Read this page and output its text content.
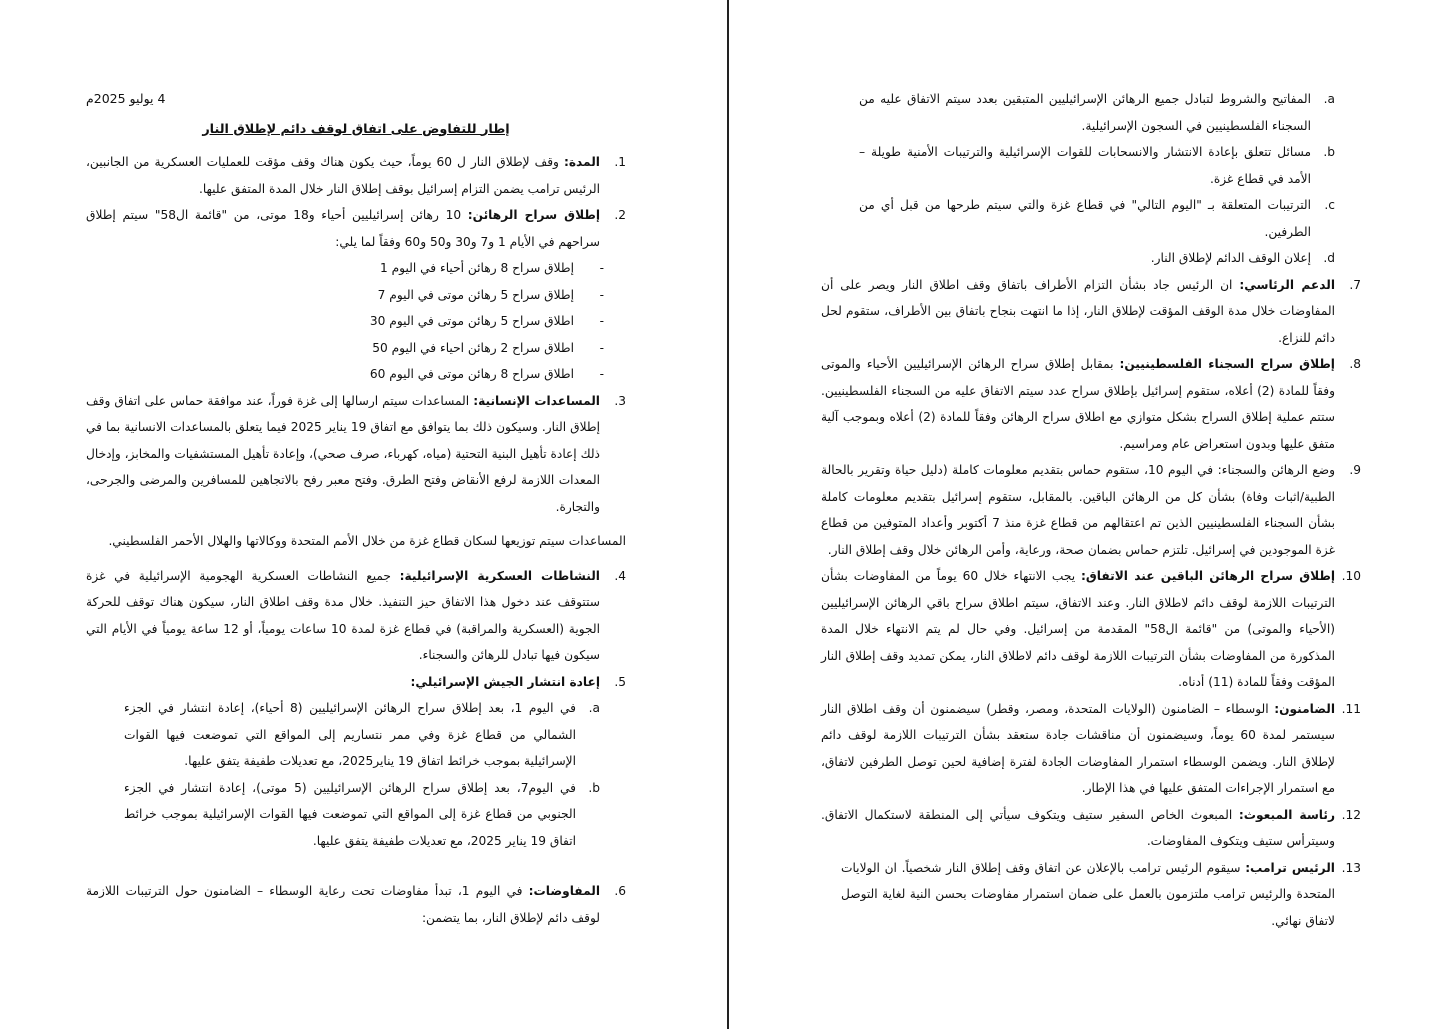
4 يوليو 2025م
إطار للتفاوض على اتفاق لوقف دائم لإطلاق النار
1.
المدة: وقف لإطلاق النار ل 60 يوماً، حيث يكون هناك وقف مؤقت للعمليات العسكرية من الجانبين، الرئيس ترامب يضمن التزام إسرائيل بوقف إطلاق النار خلال المدة المتفق عليها.
2.
إطلاق سراح الرهائن: 10 رهائن إسرائيليين أحياء و18 موتى، من "قائمة ال58" سيتم إطلاق سراحهم في الأيام 1 و7 و30 و50 و60 وفقاً لما يلي:
-
إطلاق سراح 8 رهائن أحياء في اليوم 1
-
إطلاق سراح 5 رهائن موتى في اليوم 7
-
اطلاق سراح 5 رهائن موتى في اليوم 30
-
اطلاق سراح 2 رهائن احياء في اليوم 50
-
اطلاق سراح 8 رهائن موتى في اليوم 60
3.
المساعدات الإنسانية: المساعدات سيتم ارسالها إلى غزة فوراً، عند موافقة حماس على اتفاق وقف إطلاق النار. وسيكون ذلك بما يتوافق مع اتفاق 19 يناير 2025 فيما يتعلق بالمساعدات الانسانية بما في ذلك إعادة تأهيل البنية التحتية (مياه، كهرباء، صرف صحي)، وإعادة تأهيل المستشفيات والمخابز، وإدخال المعدات اللازمة لرفع الأنقاض وفتح الطرق. وفتح معبر رفح بالاتجاهين للمسافرين والمرضى والجرحى، والتجارة.
المساعدات سيتم توزيعها لسكان قطاع غزة من خلال الأمم المتحدة ووكالاتها والهلال الأحمر الفلسطيني.
4.
النشاطات العسكرية الإسرائيلية: جميع النشاطات العسكرية الهجومية الإسرائيلية في غزة ستتوقف عند دخول هذا الاتفاق حيز التنفيذ. خلال مدة وقف اطلاق النار، سيكون هناك توقف للحركة الجوية (العسكرية والمراقبة) في قطاع غزة لمدة 10 ساعات يومياً، أو 12 ساعة يومياً في الأيام التي سيكون فيها تبادل للرهائن والسجناء.
5.
إعادة انتشار الجيش الإسرائيلي:
a.
في اليوم 1، بعد إطلاق سراح الرهائن الإسرائيليين (8 أحياء)، إعادة انتشار في الجزء الشمالي من قطاع غزة وفي ممر نتساريم إلى المواقع التي تموضعت فيها القوات الإسرائيلية بموجب خرائط اتفاق 19 يناير2025، مع تعديلات طفيفة يتفق عليها.
b.
في اليوم7، بعد إطلاق سراح الرهائن الإسرائيليين (5 موتى)، إعادة انتشار في الجزء الجنوبي من قطاع غزة إلى المواقع التي تموضعت فيها القوات الإسرائيلية بموجب خرائط اتفاق 19 يناير 2025، مع تعديلات طفيفة يتفق عليها.
6.
المفاوضات: في اليوم 1، تبدأ مفاوضات تحت رعاية الوسطاء – الضامنون حول الترتيبات اللازمة لوقف دائم لإطلاق النار، بما يتضمن:
a.
المفاتيح والشروط لتبادل جميع الرهائن الإسرائيليين المتبقين بعدد سيتم الاتفاق عليه من السجناء الفلسطينيين في السجون الإسرائيلية.
b.
مسائل تتعلق بإعادة الانتشار والانسحابات للقوات الإسرائيلية والترتيبات الأمنية طويلة – الأمد في قطاع غزة.
c.
الترتيبات المتعلقة بـ "اليوم التالي" في قطاع غزة والتي سيتم طرحها من قبل أي من الطرفين.
d.
إعلان الوقف الدائم لإطلاق النار.
7.
الدعم الرئاسي: ان الرئيس جاد بشأن التزام الأطراف باتفاق وقف اطلاق النار ويصر على أن المفاوضات خلال مدة الوقف المؤقت لإطلاق النار، إذا ما انتهت بنجاح باتفاق بين الأطراف، ستقوم لحل دائم للنزاع.
8.
إطلاق سراح السجناء الفلسطينيين: بمقابل إطلاق سراح الرهائن الإسرائيليين الأحياء والموتى وفقاً للمادة (2) أعلاه، ستقوم إسرائيل بإطلاق سراح عدد سيتم الاتفاق عليه من السجناء الفلسطينيين. ستتم عملية إطلاق السراح بشكل متوازي مع اطلاق سراح الرهائن وفقاً للمادة (2) أعلاه وبموجب آلية متفق عليها وبدون استعراض عام ومراسيم.
9.
وضع الرهائن والسجناء: في اليوم 10، ستقوم حماس بتقديم معلومات كاملة (دليل حياة وتقرير بالحالة الطبية/اثبات وفاة) بشأن كل من الرهائن الباقين. بالمقابل، ستقوم إسرائيل بتقديم معلومات كاملة بشأن السجناء الفلسطينيين الذين تم اعتقالهم من قطاع غزة منذ 7 أكتوبر وأعداد المتوفين من قطاع غزة الموجودين في إسرائيل. تلتزم حماس بضمان صحة، ورعاية، وأمن الرهائن خلال وقف إطلاق النار.
10.
إطلاق سراح الرهائن الباقين عند الاتفاق: يجب الانتهاء خلال 60 يوماً من المفاوضات بشأن الترتيبات اللازمة لوقف دائم لاطلاق النار. وعند الاتفاق، سيتم اطلاق سراح باقي الرهائن الإسرائيليين (الأحياء والموتى) من "قائمة ال58" المقدمة من إسرائيل. وفي حال لم يتم الانتهاء خلال المدة المذكورة من المفاوضات بشأن الترتيبات اللازمة لوقف دائم لاطلاق النار، يمكن تمديد وقف إطلاق النار المؤقت وفقاً للمادة (11) أدناه.
11.
الضامنون: الوسطاء – الضامنون (الولايات المتحدة، ومصر، وقطر) سيضمنون أن وقف اطلاق النار سيستمر لمدة 60 يوماً، وسيضمنون أن مناقشات جادة ستعقد بشأن الترتيبات اللازمة لوقف دائم لإطلاق النار. ويضمن الوسطاء استمرار المفاوضات الجادة لفترة إضافية لحين توصل الطرفين لاتفاق، مع استمرار الإجراءات المتفق عليها في هذا الإطار.
12.
رئاسة المبعوث: المبعوث الخاص السفير ستيف ويتكوف سيأتي إلى المنطقة لاستكمال الاتفاق. وسيترأس ستيف ويتكوف المفاوضات.
13.
الرئيس ترامب: سيقوم الرئيس ترامب بالإعلان عن اتفاق وقف إطلاق النار شخصياً. ان الولايات المتحدة والرئيس ترامب ملتزمون بالعمل على ضمان استمرار مفاوضات بحسن النية لغاية التوصل لاتفاق نهائي.
